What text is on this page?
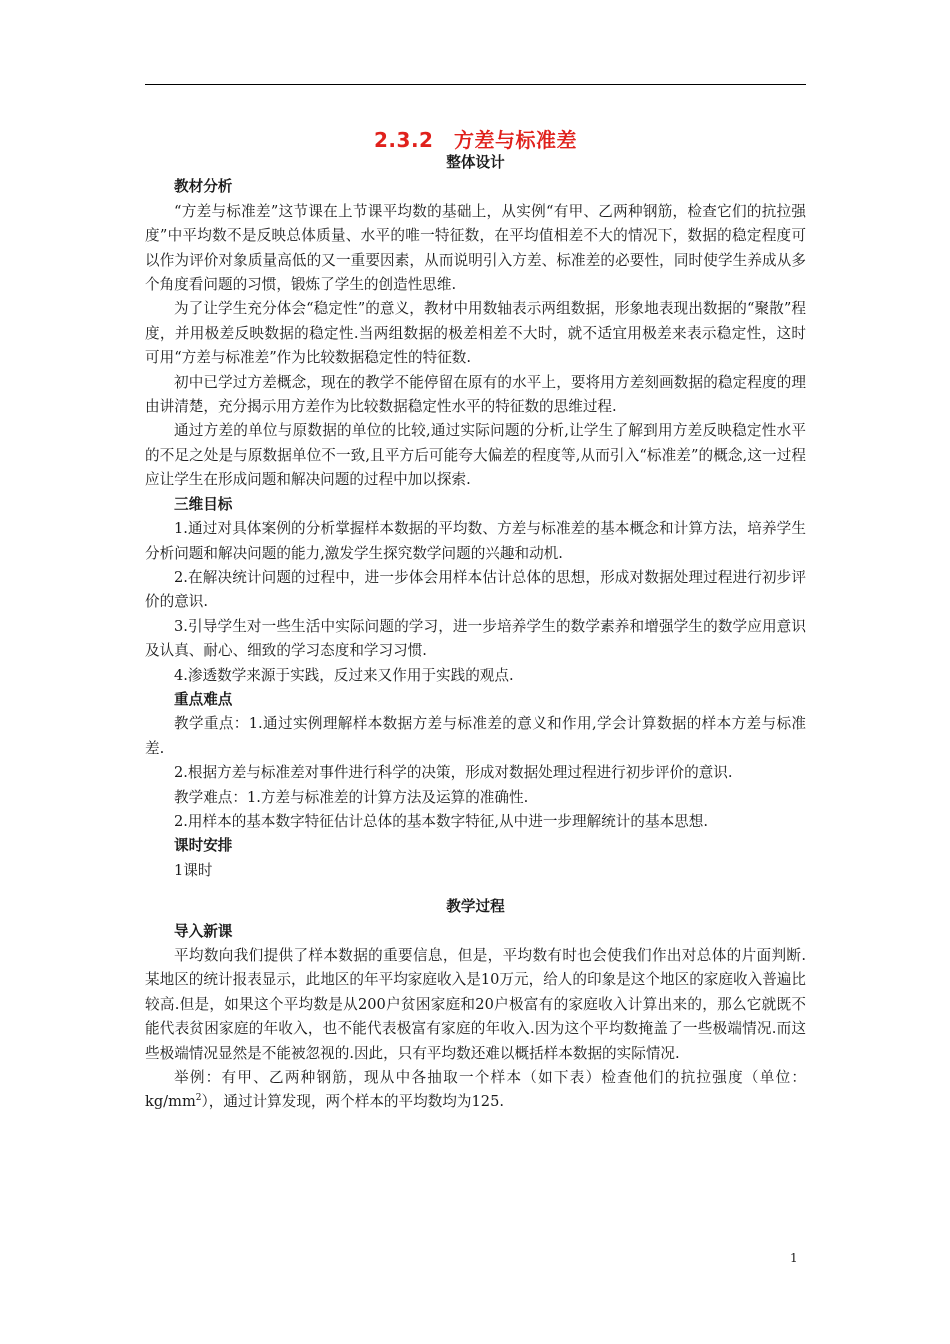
2.3.2　方差与标准差
整体设计
教材分析

“方差与标准差”这节课在上节课平均数的基础上，从实例“有甲、乙两种钢筋，检查它们的抗拉强度”中平均数不是反映总体质量、水平的唯一特征数，在平均值相差不大的情况下，数据的稳定程度可以作为评价对象质量高低的又一重要因素，从而说明引入方差、标准差的必要性，同时使学生养成从多个角度看问题的习惯，锻炼了学生的创造性思维.

为了让学生充分体会“稳定性”的意义，教材中用数轴表示两组数据，形象地表现出数据的“聚散”程度，并用极差反映数据的稳定性.当两组数据的极差相差不大时，就不适宜用极差来表示稳定性，这时可用“方差与标准差”作为比较数据稳定性的特征数.

初中已学过方差概念，现在的教学不能停留在原有的水平上，要将用方差刻画数据的稳定程度的理由讲清楚，充分揭示用方差作为比较数据稳定性水平的特征数的思维过程.

通过方差的单位与原数据的单位的比较,通过实际问题的分析,让学生了解到用方差反映稳定性水平的不足之处是与原数据单位不一致,且平方后可能夸大偏差的程度等,从而引入“标准差”的概念,这一过程应让学生在形成问题和解决问题的过程中加以探索.

三维目标

1.通过对具体案例的分析掌握样本数据的平均数、方差与标准差的基本概念和计算方法，培养学生分析问题和解决问题的能力,激发学生探究数学问题的兴趣和动机.

2.在解决统计问题的过程中，进一步体会用样本估计总体的思想，形成对数据处理过程进行初步评价的意识.

3.引导学生对一些生活中实际问题的学习，进一步培养学生的数学素养和增强学生的数学应用意识及认真、耐心、细致的学习态度和学习习惯.

4.渗透数学来源于实践，反过来又作用于实践的观点.

重点难点

教学重点：1.通过实例理解样本数据方差与标准差的意义和作用,学会计算数据的样本方差与标准差.

2.根据方差与标准差对事件进行科学的决策，形成对数据处理过程进行初步评价的意识.

教学难点：1.方差与标准差的计算方法及运算的准确性.

2.用样本的基本数字特征估计总体的基本数字特征,从中进一步理解统计的基本思想.

课时安排

1课时

教学过程
导入新课

平均数向我们提供了样本数据的重要信息，但是，平均数有时也会使我们作出对总体的片面判断.某地区的统计报表显示，此地区的年平均家庭收入是10万元，给人的印象是这个地区的家庭收入普遍比较高.但是，如果这个平均数是从200户贫困家庭和20户极富有的家庭收入计算出来的，那么它就既不能代表贫困家庭的年收入，也不能代表极富有家庭的年收入.因为这个平均数掩盖了一些极端情况.而这些极端情况显然是不能被忽视的.因此，只有平均数还难以概括样本数据的实际情况.

举例：有甲、乙两种钢筋，现从中各抽取一个样本（如下表）检查他们的抗拉强度（单位：$kg/mm^2$），通过计算发现，两个样本的平均数均为125.

1
